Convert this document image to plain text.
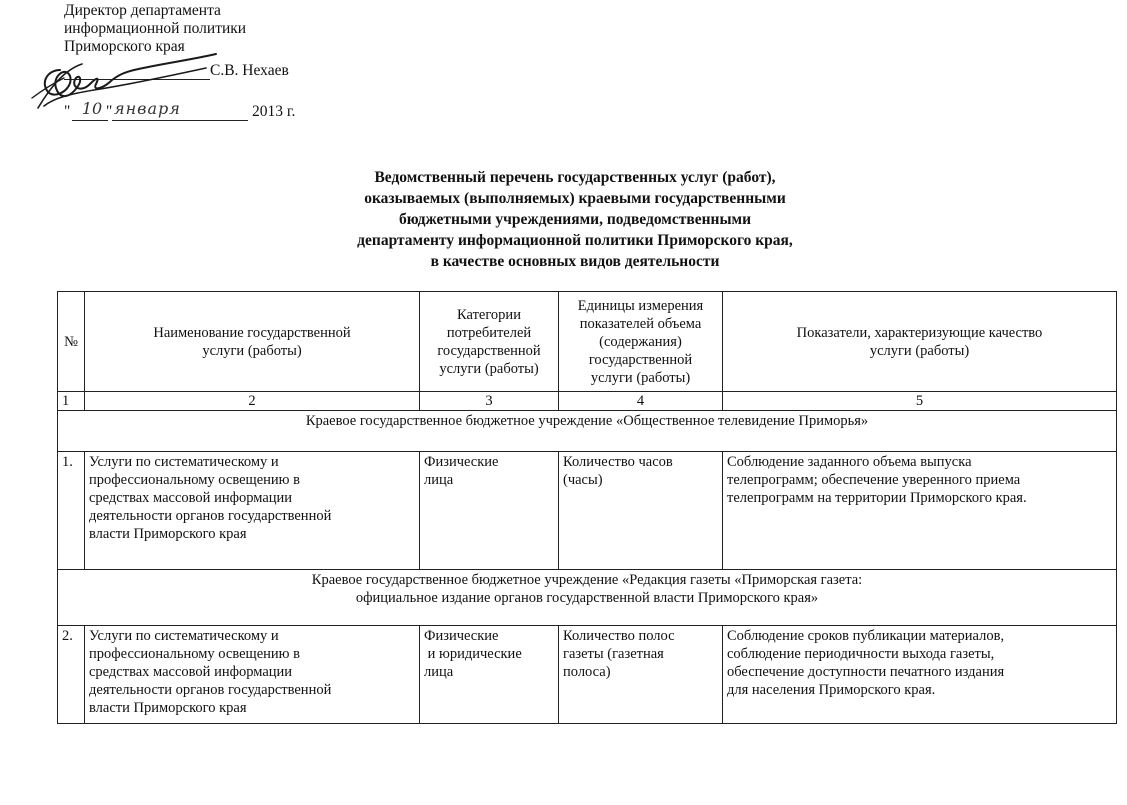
Директор департамента
информационной политики
Приморского края
С.В. Нехаев
" 10 " января	2013 г.
Ведомственный перечень государственных услуг (работ),
оказываемых (выполняемых) краевыми государственными
бюджетными учреждениями, подведомственными
департаменту информационной политики Приморского края,
в качестве основных видов деятельности
№	Наименование государственной
услуги (работы)	Категории
потребителей
государственной
услуги (работы)	Единицы измерения
показателей объема
(содержания)
государственной
услуги (работы)	Показатели, характеризующие качество
услуги (работы)

1	2	3	4	5

Краевое государственное бюджетное учреждение «Общественное телевидение Приморья»				

1.	Услуги по систематическому и
профессиональному освещению в
средствах массовой информации
деятельности органов государственной
власти Приморского края	Физические
лица	Количество часов
(часы)	Соблюдение заданного объема выпуска
телепрограмм; обеспечение уверенного приема
телепрограмм на территории Приморского края.

Краевое государственное бюджетное учреждение «Редакция газеты «Приморская газета:
официальное издание органов государственной власти Приморского края»				

2.	Услуги по систематическому и
профессиональному освещению в
средствах массовой информации
деятельности органов государственной
власти Приморского края	Физические
и юридические
лица	Количество полос
газеты (газетная
полоса)	Соблюдение сроков публикации материалов,
соблюдение периодичности выхода газеты,
обеспечение доступности печатного издания
для населения Приморского края.
